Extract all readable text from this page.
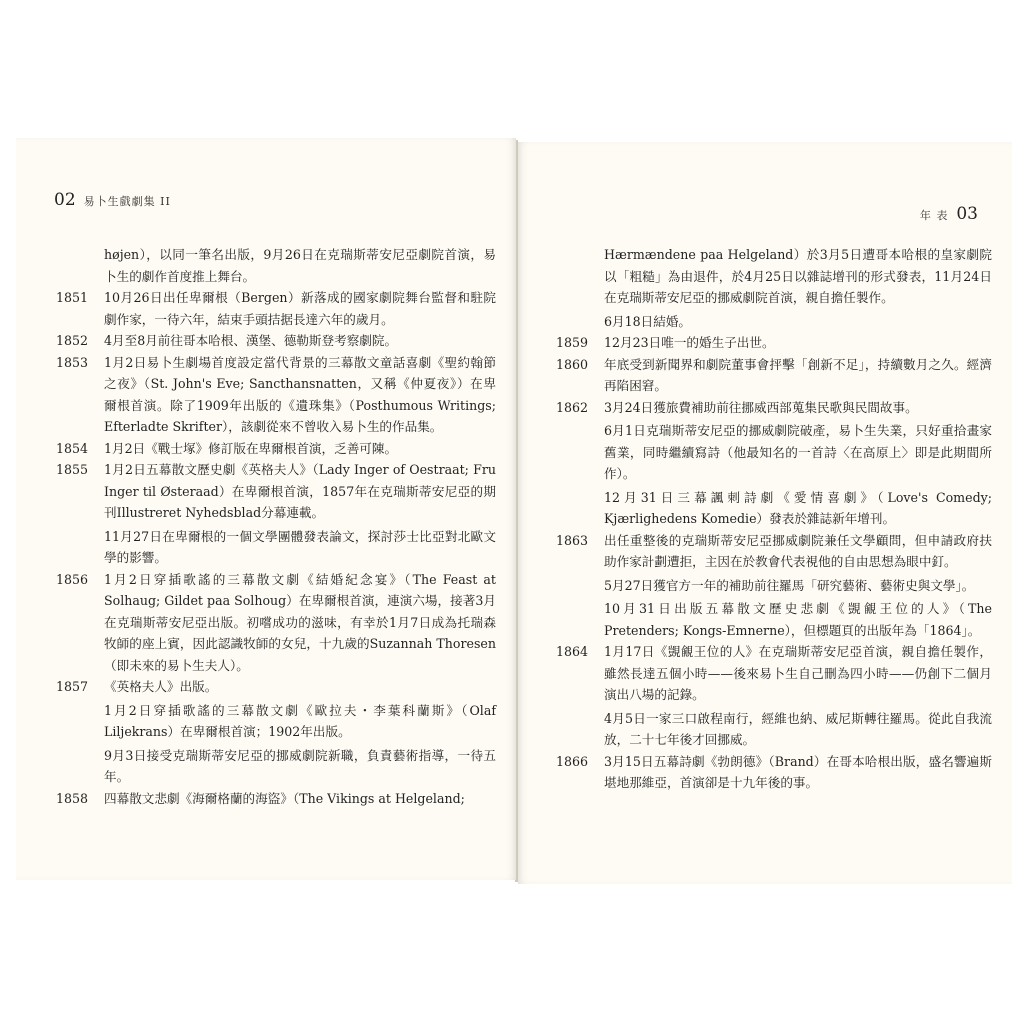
02 易卜生戲劇集 II

højen），以同一筆名出版，9月26日在克瑞斯蒂安尼亞劇院首演，易卜生的劇作首度推上舞台。

1851	10月26日出任卑爾根（Bergen）新落成的國家劇院舞台監督和駐院劇作家，一待六年，結束手頭拮据長達六年的歲月。

1852	4月至8月前往哥本哈根、漢堡、德勒斯登考察劇院。

1853	1月2日易卜生劇場首度設定當代背景的三幕散文童話喜劇《聖約翰節之夜》（St. John's Eve; Sancthansnatten，又稱《仲夏夜》）在卑爾根首演。除了1909年出版的《遺珠集》（Posthumous Writings; Efterladte Skrifter），該劇從來不曾收入易卜生的作品集。

1854	1月2日《戰士塚》修訂版在卑爾根首演，乏善可陳。

1855	1月2日五幕散文歷史劇《英格夫人》（Lady Inger of Oestraat; Fru Inger til Østeraad）在卑爾根首演，1857年在克瑞斯蒂安尼亞的期刊Illustreret Nyhedsblad分幕連載。

11月27日在卑爾根的一個文學團體發表論文，探討莎士比亞對北歐文學的影響。

1856	1月2日穿插歌謠的三幕散文劇《結婚紀念宴》（The Feast at Solhaug; Gildet paa Solhoug）在卑爾根首演，連演六場，接著3月在克瑞斯蒂安尼亞出版。初嚐成功的滋味，有幸於1月7日成為托瑞森牧師的座上賓，因此認識牧師的女兒，十九歲的Suzannah Thoresen（即未來的易卜生夫人）。

1857	《英格夫人》出版。

1月2日穿插歌謠的三幕散文劇《歐拉夫・李葉科蘭斯》（Olaf Liljekrans）在卑爾根首演；1902年出版。

9月3日接受克瑞斯蒂安尼亞的挪威劇院新職，負責藝術指導，一待五年。

1858	四幕散文悲劇《海爾格蘭的海盜》（The Vikings at Helgeland;

年 表 03

Hærmændene paa Helgeland）於3月5日遭哥本哈根的皇家劇院以「粗糙」為由退件，於4月25日以雜誌增刊的形式發表，11月24日在克瑞斯蒂安尼亞的挪威劇院首演，親自擔任製作。

6月18日結婚。

1859	12月23日唯一的婚生子出世。

1860	年底受到新聞界和劇院董事會抨擊「創新不足」，持續數月之久。經濟再陷困窘。

1862	3月24日獲旅費補助前往挪威西部蒐集民歌與民間故事。

6月1日克瑞斯蒂安尼亞的挪威劇院破產，易卜生失業，只好重拾畫家舊業，同時繼續寫詩（他最知名的一首詩〈在高原上〉即是此期間所作）。

12月31日三幕諷刺詩劇《愛情喜劇》（Love's Comedy; Kjærlighedens Komedie）發表於雜誌新年增刊。

1863	出任重整後的克瑞斯蒂安尼亞挪威劇院兼任文學顧問，但申請政府扶助作家計劃遭拒，主因在於教會代表視他的自由思想為眼中釘。

5月27日獲官方一年的補助前往羅馬「研究藝術、藝術史與文學」。

10月31日出版五幕散文歷史悲劇《覬覦王位的人》（The Pretenders; Kongs-Emnerne），但標題頁的出版年為「1864」。

1864	1月17日《覬覦王位的人》在克瑞斯蒂安尼亞首演，親自擔任製作，雖然長達五個小時——後來易卜生自己刪為四小時——仍創下二個月演出八場的記錄。

4月5日一家三口啟程南行，經維也納、威尼斯轉往羅馬。從此自我流放，二十七年後才回挪威。

1866	3月15日五幕詩劇《勃朗德》（Brand）在哥本哈根出版，盛名響遍斯堪地那維亞，首演卻是十九年後的事。
